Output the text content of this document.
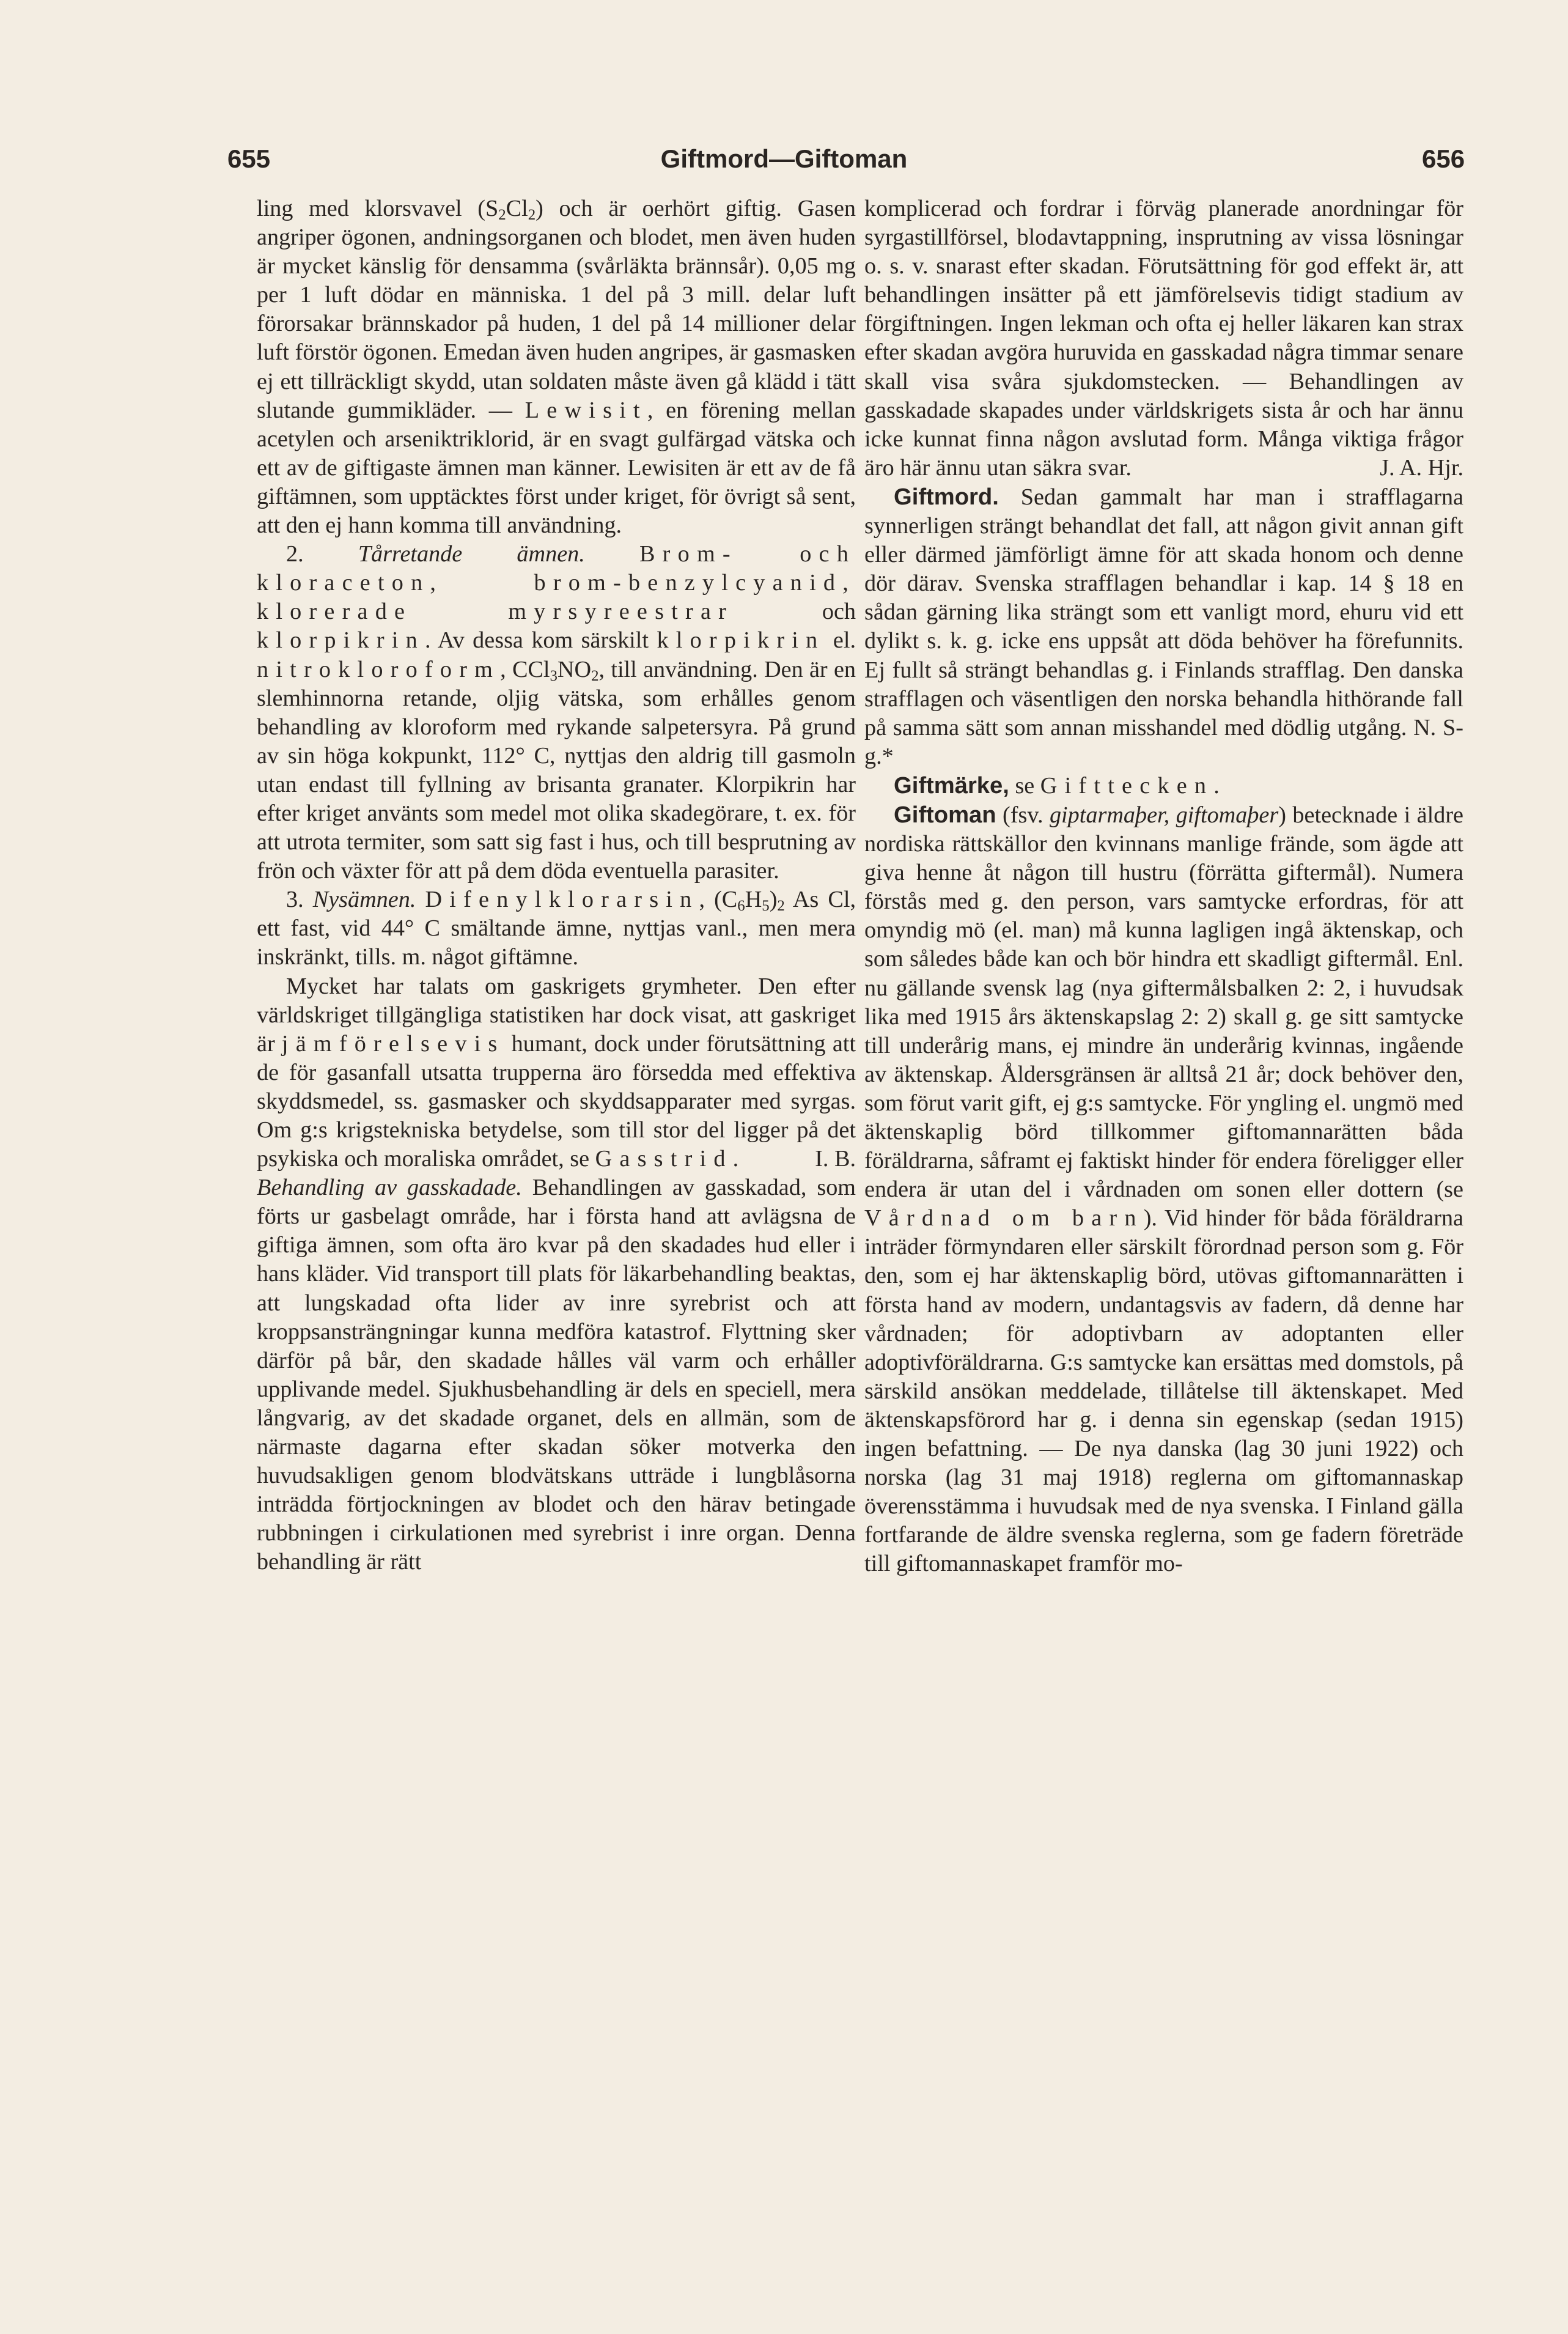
655	Giftmord—Giftoman	656

ling med klorsvavel $(S_2Cl_2)$ och är oerhört giftig. Gasen angriper ögonen, andningsorganen och blodet, men även huden är mycket känslig för densamma (svårläkta brännsår). 0,05 mg per 1 luft dödar en människa. 1 del på 3 mill. delar luft förorsakar brännskador på huden, 1 del på 14 millioner delar luft förstör ögonen. Emedan även huden angripes, är gasmasken ej ett tillräckligt skydd, utan soldaten måste även gå klädd i tätt slutande gummikläder. — Lewisit, en förening mellan acetylen och arseniktriklorid, är en svagt gulfärgad vätska och ett av de giftigaste ämnen man känner. Lewisiten är ett av de få giftämnen, som upptäcktes först under kriget, för övrigt så sent, att den ej hann komma till användning.

2. Tårretande ämnen. Brom- och kloraceton, brom-benzylcyanid, klorerade myrsyreestrar och klorpikrin. Av dessa kom särskilt klorpikrin el. nitrokloroform, $CCl_3NO_2$, till användning. Den är en slemhinnorna retande, oljig vätska, som erhålles genom behandling av kloroform med rykande salpetersyra. På grund av sin höga kokpunkt, 112° C, nyttjas den aldrig till gasmoln utan endast till fyllning av brisanta granater. Klorpikrin har efter kriget använts som medel mot olika skadegörare, t. ex. för att utrota termiter, som satt sig fast i hus, och till besprutning av frön och växter för att på dem döda eventuella parasiter.

3. Nysämnen. Difenylklorarsin, $(C_6H_5)_2$ As Cl, ett fast, vid 44° C smältande ämne, nyttjas vanl., men mera inskränkt, tills. m. något giftämne.

Mycket har talats om gaskrigets grymheter. Den efter världskriget tillgängliga statistiken har dock visat, att gaskriget är jämförelsevis humant, dock under förutsättning att de för gasanfall utsatta trupperna äro försedda med effektiva skyddsmedel, ss. gasmasker och skyddsapparater med syrgas. Om g:s krigstekniska betydelse, som till stor del ligger på det psykiska och moraliska området, se Gasstrid.	I. B.

Behandling av gasskadade. Behandlingen av gasskadad, som förts ur gasbelagt område, har i första hand att avlägsna de giftiga ämnen, som ofta äro kvar på den skadades hud eller i hans kläder. Vid transport till plats för läkarbehandling beaktas, att lungskadad ofta lider av inre syrebrist och att kroppsansträngningar kunna medföra katastrof. Flyttning sker därför på bår, den skadade hålles väl varm och erhåller upplivande medel. Sjukhusbehandling är dels en speciell, mera långvarig, av det skadade organet, dels en allmän, som de närmaste dagarna efter skadan söker motverka den huvudsakligen genom blodvätskans utträde i lungblåsorna inträdda förtjockningen av blodet och den härav betingade rubbningen i cirkulationen med syrebrist i inre organ. Denna behandling är rätt

komplicerad och fordrar i förväg planerade anordningar för syrgastillförsel, blodavtappning, insprutning av vissa lösningar o. s. v. snarast efter skadan. Förutsättning för god effekt är, att behandlingen insätter på ett jämförelsevis tidigt stadium av förgiftningen. Ingen lekman och ofta ej heller läkaren kan strax efter skadan avgöra huruvida en gasskadad några timmar senare skall visa svåra sjukdomstecken. — Behandlingen av gasskadade skapades under världskrigets sista år och har ännu icke kunnat finna någon avslutad form. Många viktiga frågor äro här ännu utan säkra svar.	J. A. Hjr.

Giftmord. Sedan gammalt har man i strafflagarna synnerligen strängt behandlat det fall, att någon givit annan gift eller därmed jämförligt ämne för att skada honom och denne dör därav. Svenska strafflagen behandlar i kap. 14 § 18 en sådan gärning lika strängt som ett vanligt mord, ehuru vid ett dylikt s. k. g. icke ens uppsåt att döda behöver ha förefunnits. Ej fullt så strängt behandlas g. i Finlands strafflag. Den danska strafflagen och väsentligen den norska behandla hithörande fall på samma sätt som annan misshandel med dödlig utgång. N. S-g.*

Giftmärke, se Gifttecken.

Giftoman (fsv. giptarmaþer, giftomaþer) betecknade i äldre nordiska rättskällor den kvinnans manlige frände, som ägde att giva henne åt någon till hustru (förrätta giftermål). Numera förstås med g. den person, vars samtycke erfordras, för att omyndig mö (el. man) må kunna lagligen ingå äktenskap, och som således både kan och bör hindra ett skadligt giftermål. Enl. nu gällande svensk lag (nya giftermålsbalken 2: 2, i huvudsak lika med 1915 års äktenskapslag 2: 2) skall g. ge sitt samtycke till underårig mans, ej mindre än underårig kvinnas, ingående av äktenskap. Åldersgränsen är alltså 21 år; dock behöver den, som förut varit gift, ej g:s samtycke. För yngling el. ungmö med äktenskaplig börd tillkommer giftomannarätten båda föräldrarna, såframt ej faktiskt hinder för endera föreligger eller endera är utan del i vårdnaden om sonen eller dottern (se Vårdnad om barn). Vid hinder för båda föräldrarna inträder förmyndaren eller särskilt förordnad person som g. För den, som ej har äktenskaplig börd, utövas giftomannarätten i första hand av modern, undantagsvis av fadern, då denne har vårdnaden; för adoptivbarn av adoptanten eller adoptivföräldrarna. G:s samtycke kan ersättas med domstols, på särskild ansökan meddelade, tillåtelse till äktenskapet. Med äktenskapsförord har g. i denna sin egenskap (sedan 1915) ingen befattning. — De nya danska (lag 30 juni 1922) och norska (lag 31 maj 1918) reglerna om giftomannaskap överensstämma i huvudsak med de nya svenska. I Finland gälla fortfarande de äldre svenska reglerna, som ge fadern företräde till giftomannaskapet framför mo-
